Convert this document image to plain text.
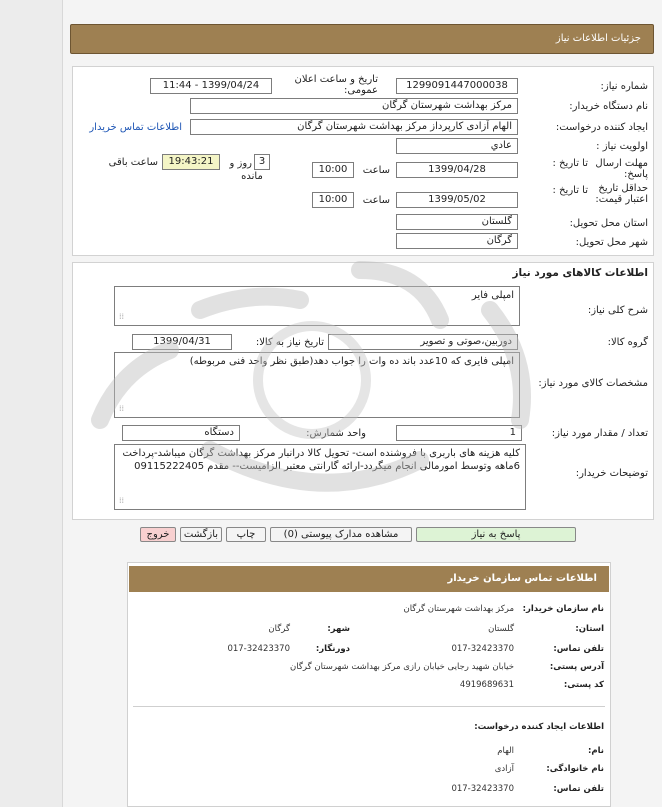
جزئیات اطلاعات نیاز
شماره نیاز:
1299091447000038
تاریخ و ساعت اعلان عمومی:
1399/04/24 - 11:44
نام دستگاه خریدار:
مرکز بهداشت شهرستان گرگان
ایجاد کننده درخواست:
الهام آزادی کارپرداز مرکز بهداشت شهرستان گرگان
اطلاعات تماس خریدار
اولویت نیاز :
عادي
مهلت ارسال پاسخ:
تا تاریخ :
1399/04/28
ساعت
10:00
3
روز و
19:43:21
ساعت باقی
مانده
حداقل تاریخ اعتبار قیمت:
تا تاریخ :
1399/05/02
ساعت
10:00
استان محل تحویل:
گلستان
شهر محل تحویل:
گرگان
اطلاعات کالاهای مورد نیاز
شرح کلی نیاز:
امپلی فایر
⁞⁞
گروه کالا:
دوربین،صوتی و تصویر
تاریخ نیاز به کالا:
1399/04/31
مشخصات کالای مورد نیاز:
امپلی فایری که 10عدد باند ده وات را جواب دهد(طبق نظر واحد فنی مربوطه)
⁞⁞
تعداد / مقدار مورد نیاز:
1
واحد شمارش:
دستگاه
توضیحات خریدار:
کلیه هزینه های باربری با فروشنده است- تحویل کالا درانبار مرکز بهداشت گرگان میباشد-پرداخت 6ماهه وتوسط امورمالی انجام میگردد-ارائه گارانتی معتبر الزامیست-- مقدم 09115222405
⁞⁞
پاسخ به نیاز
مشاهده مدارک پیوستی (0)
چاپ
بازگشت
خروج
اطلاعات تماس سازمان خریدار
نام سازمان خریدار:
مرکز بهداشت شهرستان گرگان
استان:
گلستان
شهر:
گرگان
تلفن تماس:
017-32423370
دورنگار:
017-32423370
آدرس پستی:
خیابان شهید رجایی خیابان رازی مرکز بهداشت شهرستان گرگان
کد پستی:
4919689631
اطلاعات ایجاد کننده درخواست:
نام:
الهام
نام خانوادگی:
آزادی
تلفن تماس:
017-32423370
